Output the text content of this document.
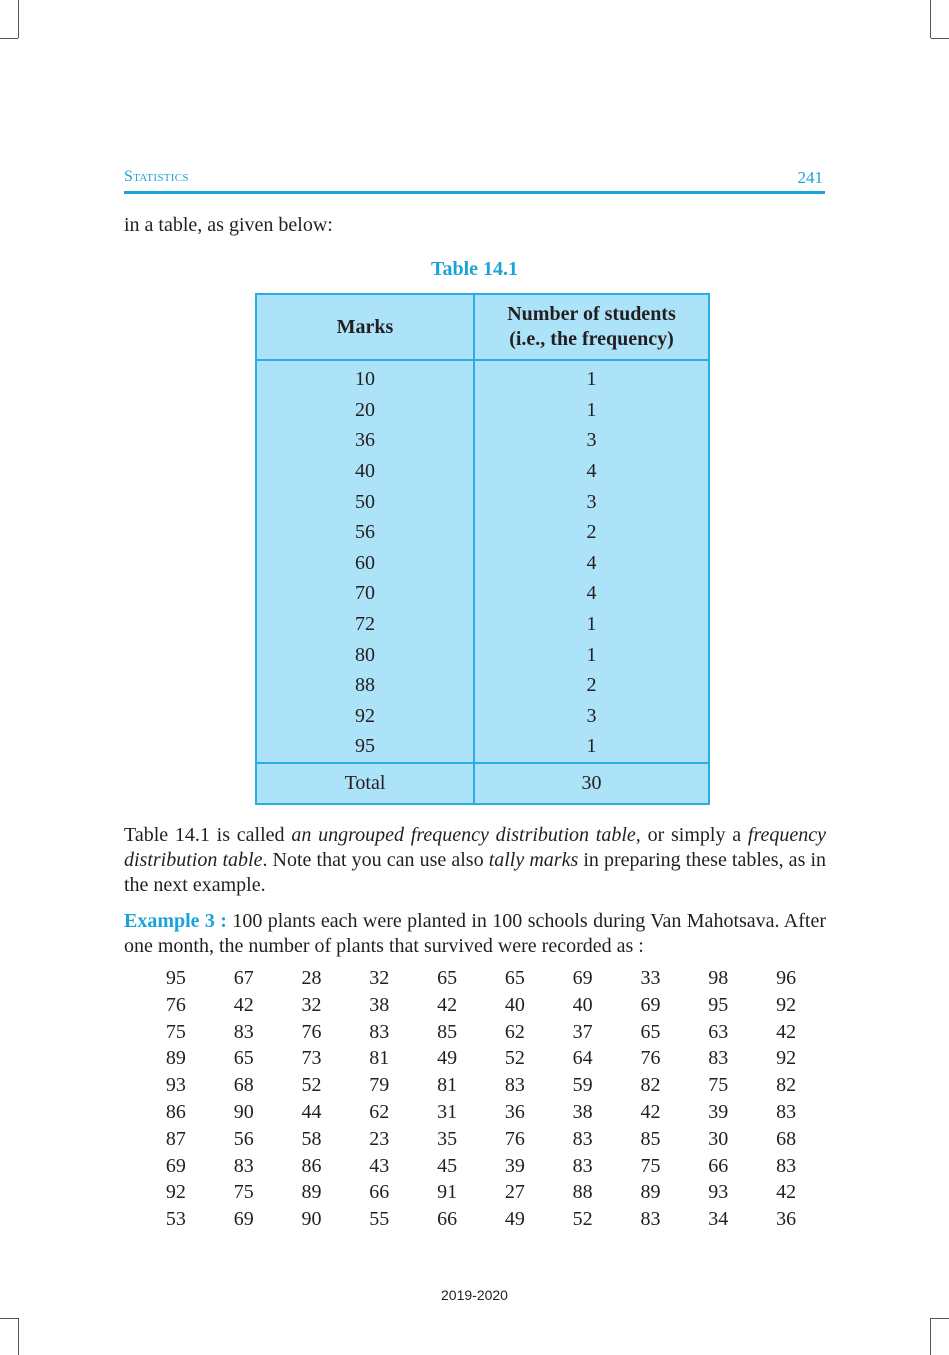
Statistics	241
in a table, as given below:
Table 14.1
Marks	Number of students
(i.e., the frequency)
10	1
20	1
36	3
40	4
50	3
56	2
60	4
70	4
72	1
80	1
88	2
92	3
95	1
Total	30
Table 14.1 is called an ungrouped frequency distribution table, or simply a frequency distribution table. Note that you can use also tally marks in preparing these tables, as in the next example.
Example 3 : 100 plants each were planted in 100 schools during Van Mahotsava. After one month, the number of plants that survived were recorded as :
95	67	28	32	65	65	69	33	98	96
76	42	32	38	42	40	40	69	95	92
75	83	76	83	85	62	37	65	63	42
89	65	73	81	49	52	64	76	83	92
93	68	52	79	81	83	59	82	75	82
86	90	44	62	31	36	38	42	39	83
87	56	58	23	35	76	83	85	30	68
69	83	86	43	45	39	83	75	66	83
92	75	89	66	91	27	88	89	93	42
53	69	90	55	66	49	52	83	34	36
2019-2020
